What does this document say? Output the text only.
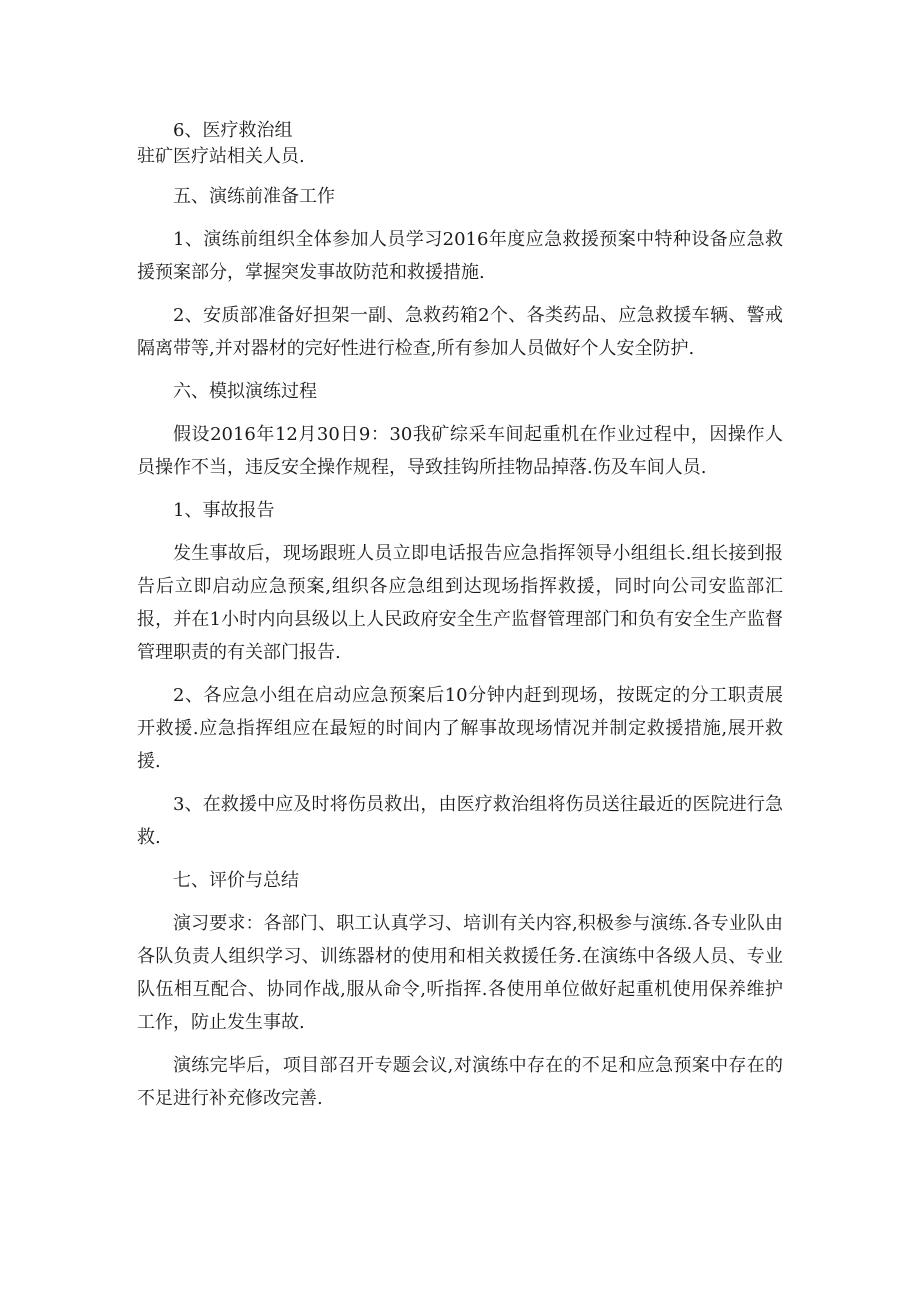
6、医疗救治组

驻矿医疗站相关人员.

五、演练前准备工作

1、演练前组织全体参加人员学习2016年度应急救援预案中特种设备应急救援预案部分，掌握突发事故防范和救援措施.

2、安质部准备好担架一副、急救药箱2个、各类药品、应急救援车辆、警戒隔离带等,并对器材的完好性进行检查,所有参加人员做好个人安全防护.

六、模拟演练过程

假设2016年12月30日9：30我矿综采车间起重机在作业过程中，因操作人员操作不当，违反安全操作规程，导致挂钩所挂物品掉落.伤及车间人员.

1、事故报告

发生事故后，现场跟班人员立即电话报告应急指挥领导小组组长.组长接到报告后立即启动应急预案,组织各应急组到达现场指挥救援，同时向公司安监部汇报，并在1小时内向县级以上人民政府安全生产监督管理部门和负有安全生产监督管理职责的有关部门报告.

2、各应急小组在启动应急预案后10分钟内赶到现场，按既定的分工职责展开救援.应急指挥组应在最短的时间内了解事故现场情况并制定救援措施,展开救援.

3、在救援中应及时将伤员救出，由医疗救治组将伤员送往最近的医院进行急救.

七、评价与总结

演习要求：各部门、职工认真学习、培训有关内容,积极参与演练.各专业队由各队负责人组织学习、训练器材的使用和相关救援任务.在演练中各级人员、专业队伍相互配合、协同作战,服从命令,听指挥.各使用单位做好起重机使用保养维护工作，防止发生事故.

演练完毕后，项目部召开专题会议,对演练中存在的不足和应急预案中存在的不足进行补充修改完善.
